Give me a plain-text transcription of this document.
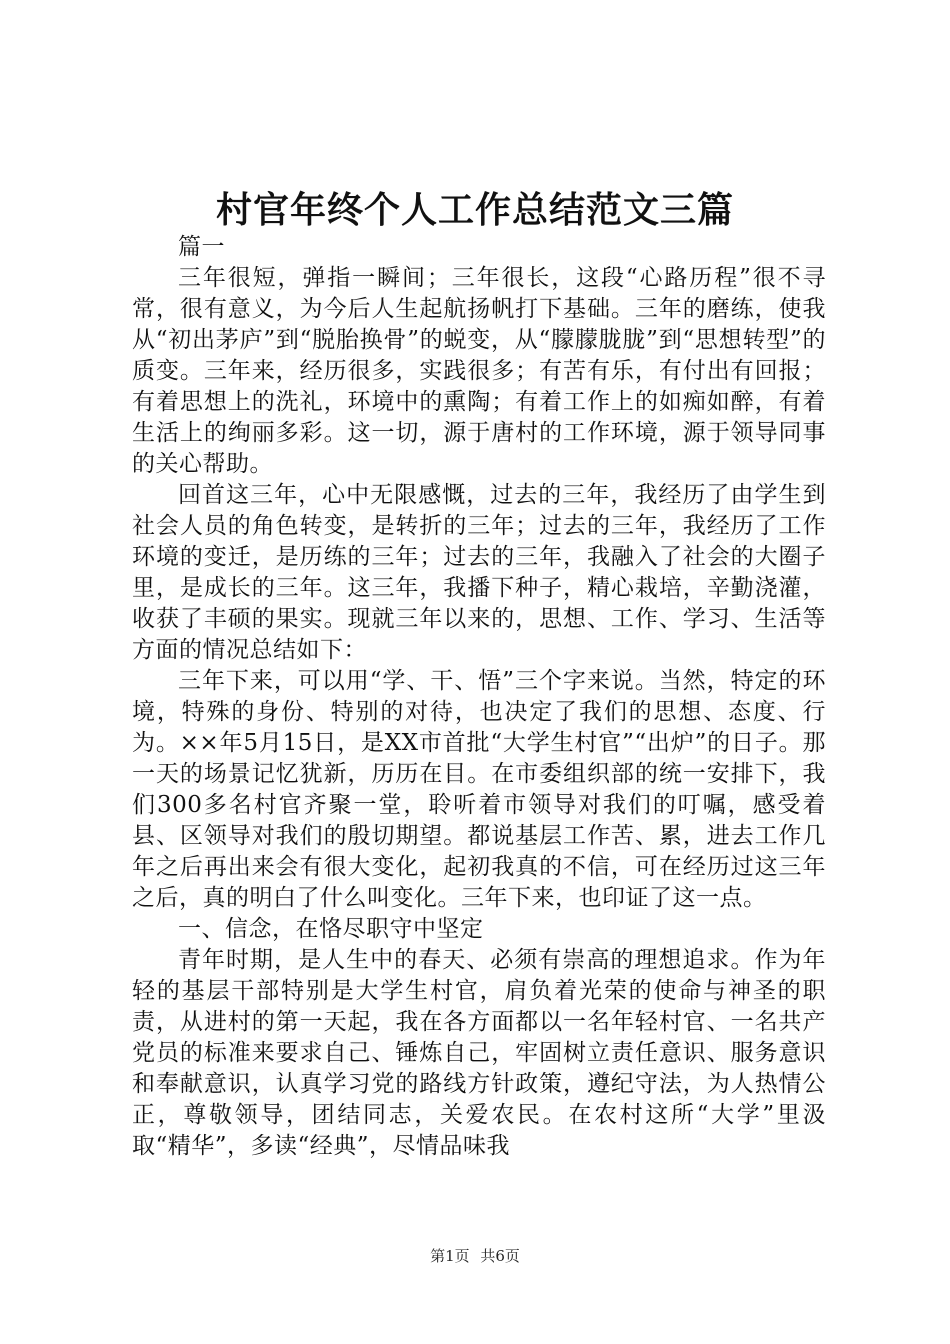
村官年终个人工作总结范文三篇

篇一

三年很短，弹指一瞬间；三年很长，这段“心路历程”很不寻常，很有意义，为今后人生起航扬帆打下基础。三年的磨练，使我从“初出茅庐”到“脱胎换骨”的蜕变，从“朦朦胧胧”到“思想转型”的质变。三年来，经历很多，实践很多；有苦有乐，有付出有回报；有着思想上的洗礼，环境中的熏陶；有着工作上的如痴如醉，有着生活上的绚丽多彩。这一切，源于唐村的工作环境，源于领导同事的关心帮助。

回首这三年，心中无限感慨，过去的三年，我经历了由学生到社会人员的角色转变，是转折的三年；过去的三年，我经历了工作环境的变迁，是历练的三年；过去的三年，我融入了社会的大圈子里，是成长的三年。这三年，我播下种子，精心栽培，辛勤浇灌，收获了丰硕的果实。现就三年以来的，思想、工作、学习、生活等方面的情况总结如下：

三年下来，可以用“学、干、悟”三个字来说。当然，特定的环境，特殊的身份、特别的对待，也决定了我们的思想、态度、行为。××年5月15日，是XX市首批“大学生村官”“出炉”的日子。那一天的场景记忆犹新，历历在目。在市委组织部的统一安排下，我们300多名村官齐聚一堂，聆听着市领导对我们的叮嘱，感受着县、区领导对我们的殷切期望。都说基层工作苦、累，进去工作几年之后再出来会有很大变化，起初我真的不信，可在经历过这三年之后，真的明白了什么叫变化。三年下来，也印证了这一点。

一、信念，在恪尽职守中坚定

青年时期，是人生中的春天、必须有崇高的理想追求。作为年轻的基层干部特别是大学生村官，肩负着光荣的使命与神圣的职责，从进村的第一天起，我在各方面都以一名年轻村官、一名共产党员的标准来要求自己、锤炼自己，牢固树立责任意识、服务意识和奉献意识，认真学习党的路线方针政策，遵纪守法，为人热情公正，尊敬领导，团结同志，关爱农民。在农村这所“大学”里汲取“精华”，多读“经典”，尽情品味我

第1页 共6页
